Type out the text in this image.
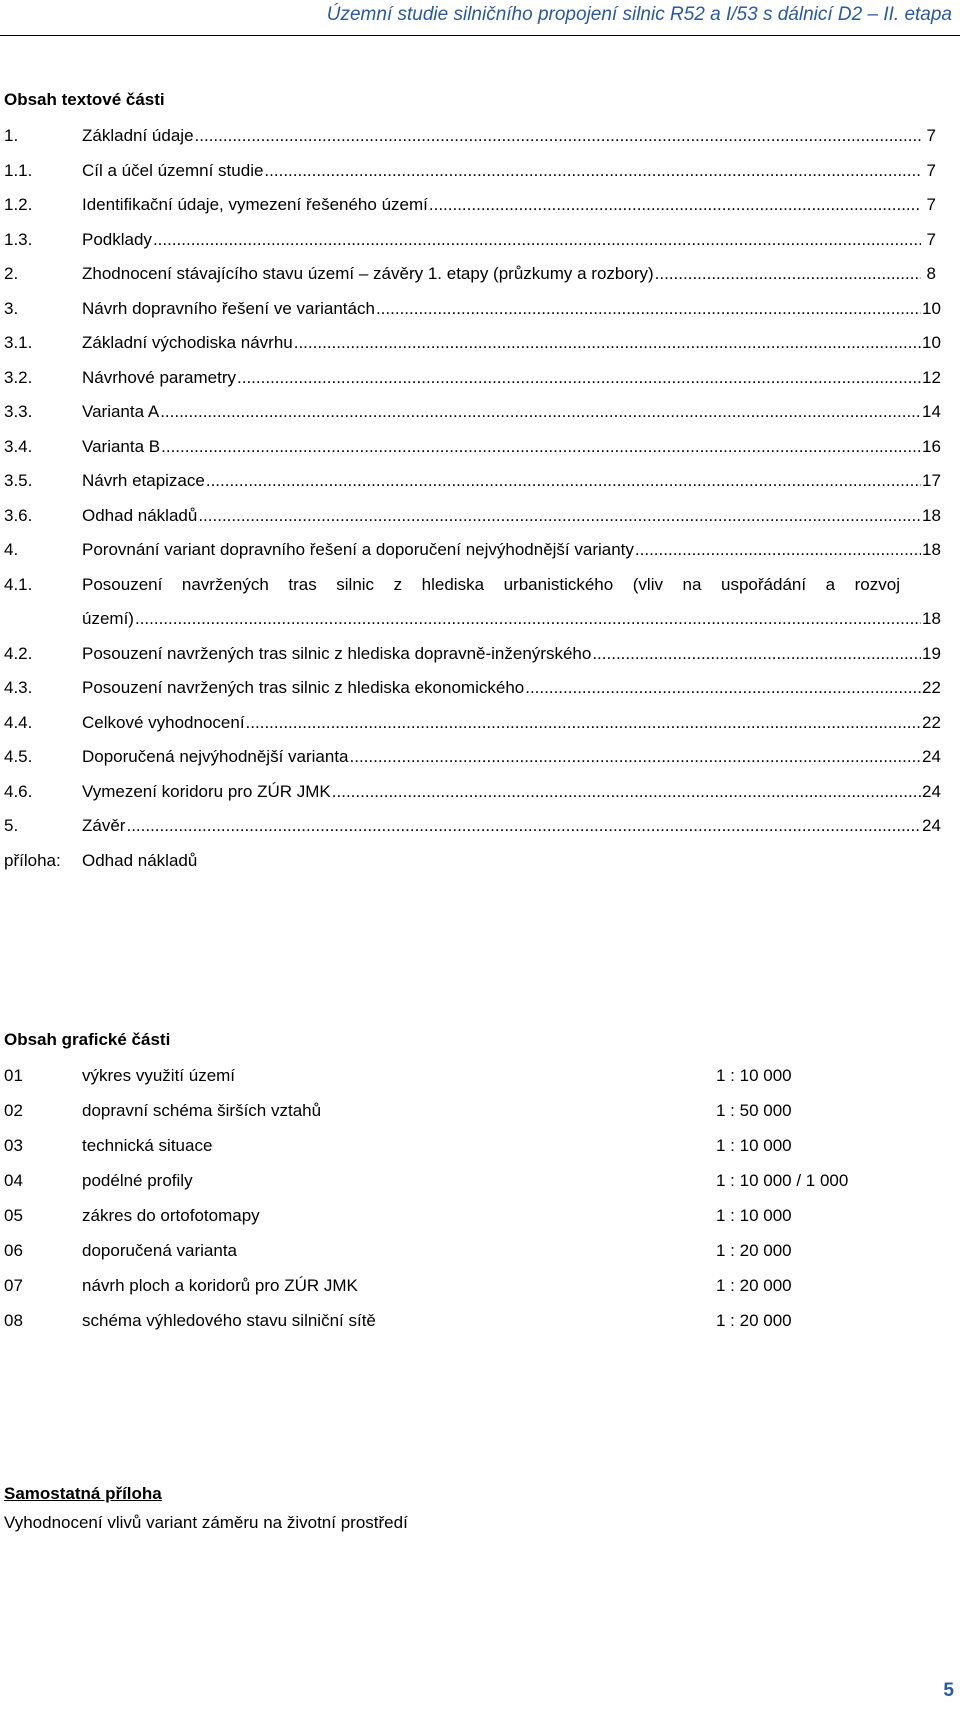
Územní studie silničního propojení silnic R52 a I/53 s dálnicí D2 – II. etapa
Obsah textové části
1.	Základní údaje .....	7
1.1.	Cíl a účel územní studie .....	7
1.2.	Identifikační údaje, vymezení řešeného území .....	7
1.3.	Podklady .....	7
2.	Zhodnocení stávajícího stavu území – závěry 1. etapy (průzkumy a rozbory) .....	8
3.	Návrh dopravního řešení ve variantách .....	10
3.1.	Základní východiska návrhu .....	10
3.2.	Návrhové parametry .....	12
3.3.	Varianta A .....	14
3.4.	Varianta B .....	16
3.5.	Návrh etapizace .....	17
3.6.	Odhad nákladů .....	18
4.	Porovnání variant dopravního řešení a doporučení nejvýhodnější varianty .....	18
4.1.	Posouzení navržených tras silnic z hlediska urbanistického (vliv na uspořádání a rozvoj
území) .....	18
4.2.	Posouzení navržených tras silnic z hlediska dopravně-inženýrského .....	19
4.3.	Posouzení navržených tras silnic z hlediska ekonomického .....	22
4.4.	Celkové vyhodnocení .....	22
4.5.	Doporučená nejvýhodnější varianta .....	24
4.6.	Vymezení koridoru pro ZÚR JMK .....	24
5.	Závěr .....	24
příloha: Odhad nákladů
Obsah grafické části
01	výkres využití území	1 : 10 000
02	dopravní schéma širších vztahů	1 : 50 000
03	technická situace	1 : 10 000
04	podélné profily	1 : 10 000 / 1 000
05	zákres do ortofotomapy	1 : 10 000
06	doporučená varianta	1 : 20 000
07	návrh ploch a koridorů pro ZÚR JMK	1 : 20 000
08	schéma výhledového stavu silniční sítě	1 : 20 000
Samostatná příloha
Vyhodnocení vlivů variant záměru na životní prostředí
5
